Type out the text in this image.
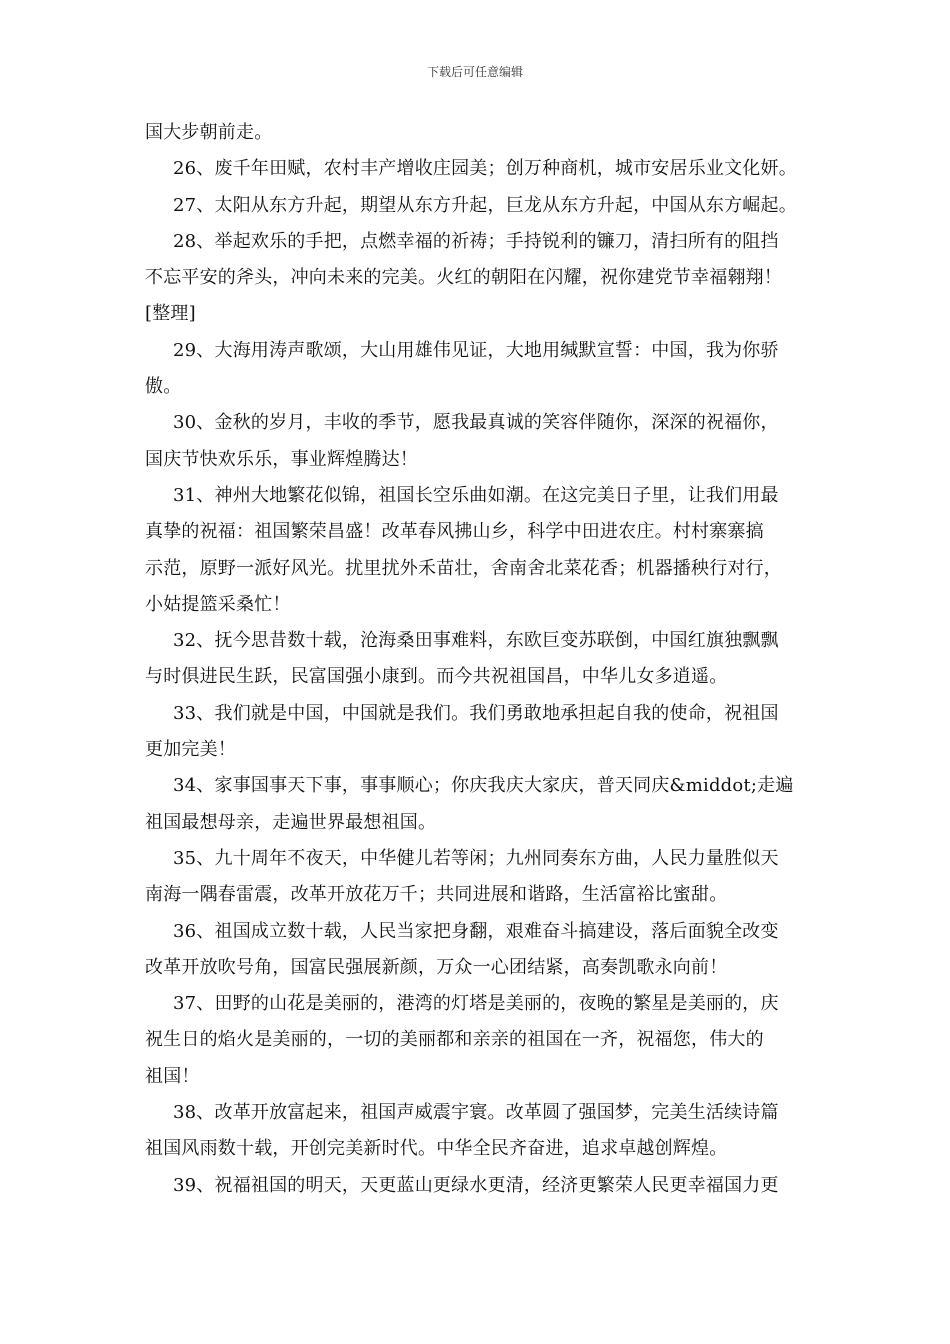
下载后可任意编辑
国大步朝前走。
26、废千年田赋，农村丰产增收庄园美；创万种商机，城市安居乐业文化妍。
27、太阳从东方升起，期望从东方升起，巨龙从东方升起，中国从东方崛起。
28、举起欢乐的手把，点燃幸福的祈祷；手持锐利的镰刀，清扫所有的阻挡
不忘平安的斧头，冲向未来的完美。火红的朝阳在闪耀，祝你建党节幸福翱翔！
[整理]
29、大海用涛声歌颂，大山用雄伟见证，大地用缄默宣誓：中国，我为你骄
傲。
30、金秋的岁月，丰收的季节，愿我最真诚的笑容伴随你，深深的祝福你，
国庆节快欢乐乐，事业辉煌腾达！
31、神州大地繁花似锦，祖国长空乐曲如潮。在这完美日子里，让我们用最
真挚的祝福：祖国繁荣昌盛！改革春风拂山乡，科学中田进农庄。村村寨寨搞
示范，原野一派好风光。扰里扰外禾苗壮，舍南舍北菜花香；机器播秧行对行，
小姑提篮采桑忙！
32、抚今思昔数十载，沧海桑田事难料，东欧巨变苏联倒，中国红旗独飘飘
与时俱进民生跃，民富国强小康到。而今共祝祖国昌，中华儿女多逍遥。
33、我们就是中国，中国就是我们。我们勇敢地承担起自我的使命，祝祖国
更加完美！
34、家事国事天下事，事事顺心；你庆我庆大家庆，普天同庆&middot;走遍
祖国最想母亲，走遍世界最想祖国。
35、九十周年不夜天，中华健儿若等闲；九州同奏东方曲，人民力量胜似天
南海一隅春雷震，改革开放花万千；共同进展和谐路，生活富裕比蜜甜。
36、祖国成立数十载，人民当家把身翻，艰难奋斗搞建设，落后面貌全改变
改革开放吹号角，国富民强展新颜，万众一心团结紧，高奏凯歌永向前！
37、田野的山花是美丽的，港湾的灯塔是美丽的，夜晚的繁星是美丽的，庆
祝生日的焰火是美丽的，一切的美丽都和亲亲的祖国在一齐，祝福您，伟大的
祖国！
38、改革开放富起来，祖国声威震宇寰。改革圆了强国梦，完美生活续诗篇
祖国风雨数十载，开创完美新时代。中华全民齐奋进，追求卓越创辉煌。
39、祝福祖国的明天，天更蓝山更绿水更清，经济更繁荣人民更幸福国力更
